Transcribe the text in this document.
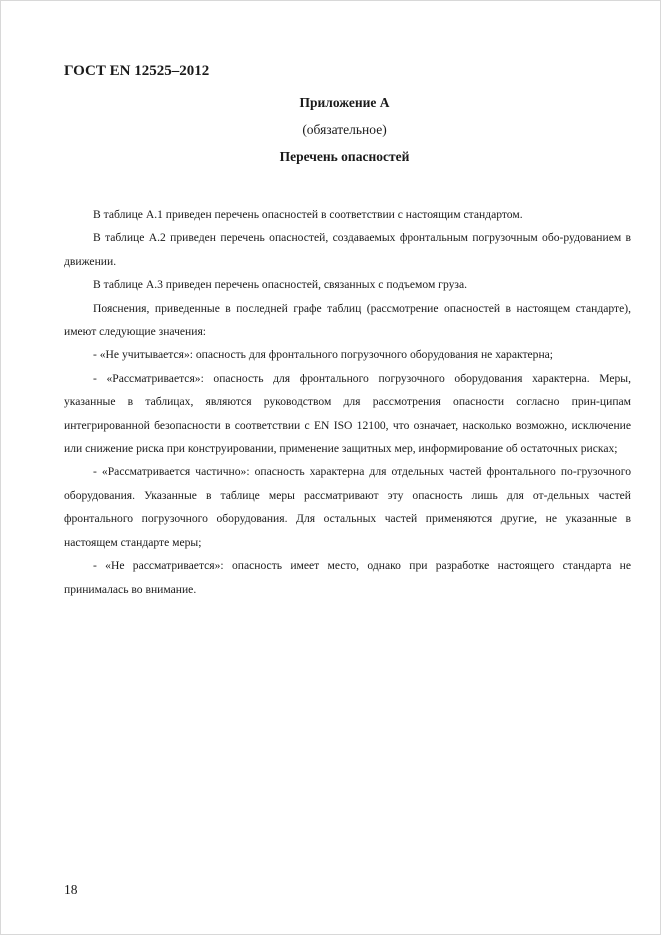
ГОСТ EN 12525–2012
Приложение А
(обязательное)
Перечень опасностей

В таблице А.1 приведен перечень опасностей в соответствии с настоящим стандартом.

В таблице А.2 приведен перечень опасностей, создаваемых фронтальным погрузочным обо-рудованием в движении.

В таблице А.3 приведен перечень опасностей, связанных с подъемом груза.

Пояснения, приведенные в последней графе таблиц (рассмотрение опасностей в настоящем стандарте), имеют следующие значения:

- «Не учитывается»: опасность для фронтального погрузочного оборудования не характерна;

- «Рассматривается»: опасность для фронтального погрузочного оборудования характерна. Меры, указанные в таблицах, являются руководством для рассмотрения опасности согласно прин-ципам интегрированной безопасности в соответствии с EN ISO 12100, что означает, насколько возможно, исключение или снижение риска при конструировании, применение защитных мер, информирование об остаточных рисках;

- «Рассматривается частично»: опасность характерна для отдельных частей фронтального по-грузочного оборудования. Указанные в таблице меры рассматривают эту опасность лишь для от-дельных частей фронтального погрузочного оборудования. Для остальных частей применяются другие, не указанные в настоящем стандарте меры;

- «Не рассматривается»: опасность имеет место, однако при разработке настоящего стандарта не принималась во внимание.

18
